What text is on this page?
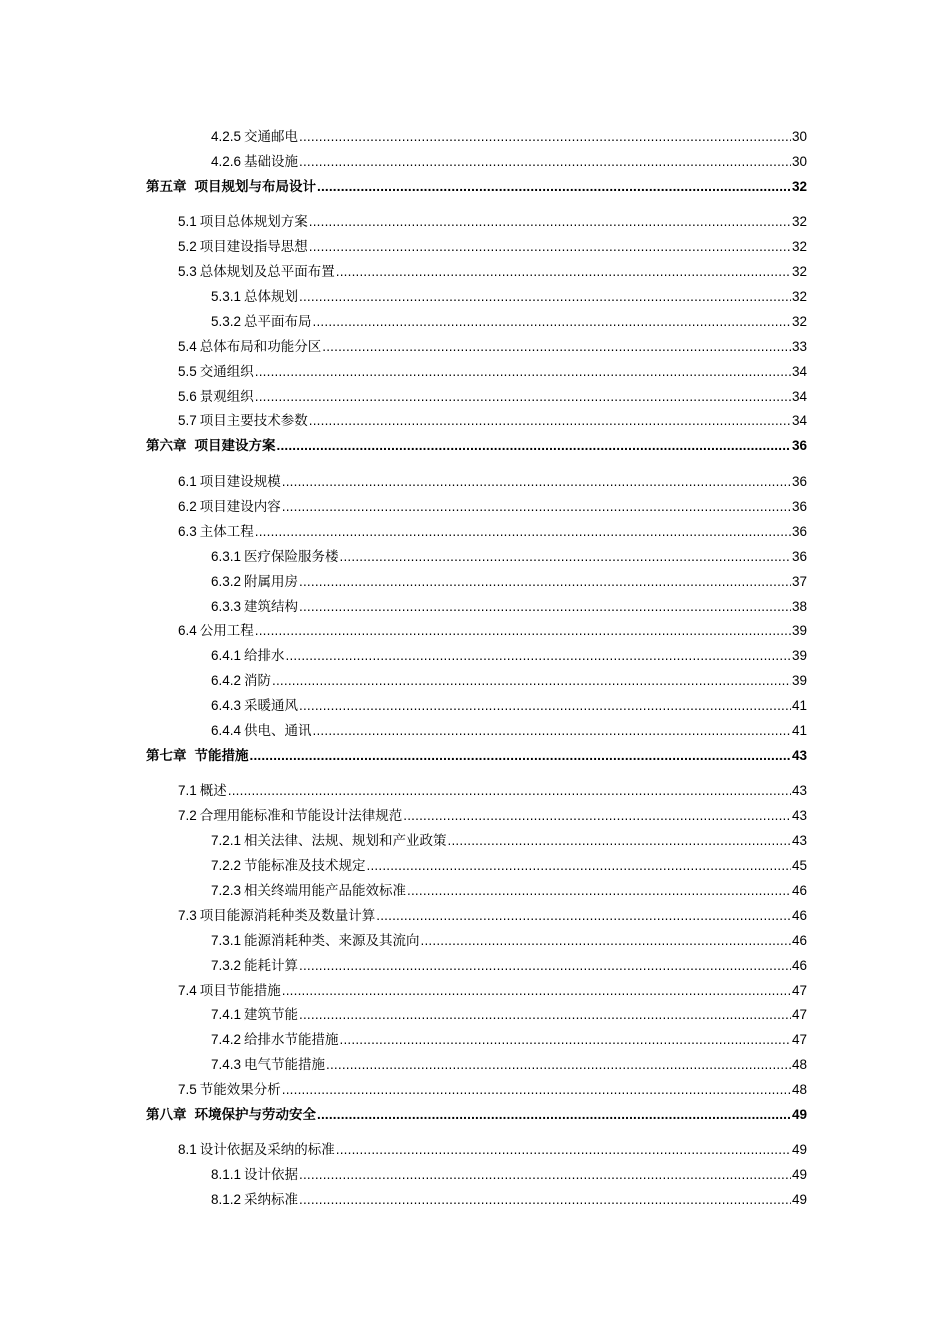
4.2.5 交通邮电 .....	30
4.2.6 基础设施 .....	30
第五章 项目规划与布局设计 .....	32
5.1 项目总体规划方案 .....	32
5.2 项目建设指导思想 .....	32
5.3 总体规划及总平面布置 .....	32
5.3.1 总体规划 .....	32
5.3.2 总平面布局 .....	32
5.4 总体布局和功能分区 .....	33
5.5 交通组织 .....	34
5.6 景观组织 .....	34
5.7 项目主要技术参数 .....	34
第六章 项目建设方案 .....	36
6.1 项目建设规模 .....	36
6.2 项目建设内容 .....	36
6.3 主体工程 .....	36
6.3.1 医疗保险服务楼 .....	36
6.3.2 附属用房 .....	37
6.3.3 建筑结构 .....	38
6.4 公用工程 .....	39
6.4.1 给排水 .....	39
6.4.2 消防 .....	39
6.4.3 采暖通风 .....	41
6.4.4 供电、通讯 .....	41
第七章 节能措施 .....	43
7.1 概述 .....	43
7.2 合理用能标准和节能设计法律规范 .....	43
7.2.1 相关法律、法规、规划和产业政策 .....	43
7.2.2 节能标准及技术规定 .....	45
7.2.3 相关终端用能产品能效标准 .....	46
7.3 项目能源消耗种类及数量计算 .....	46
7.3.1 能源消耗种类、来源及其流向 .....	46
7.3.2 能耗计算 .....	46
7.4 项目节能措施 .....	47
7.4.1 建筑节能 .....	47
7.4.2 给排水节能措施 .....	47
7.4.3 电气节能措施 .....	48
7.5 节能效果分析 .....	48
第八章 环境保护与劳动安全 .....	49
8.1 设计依据及采纳的标准 .....	49
8.1.1 设计依据 .....	49
8.1.2 采纳标准 .....	49
